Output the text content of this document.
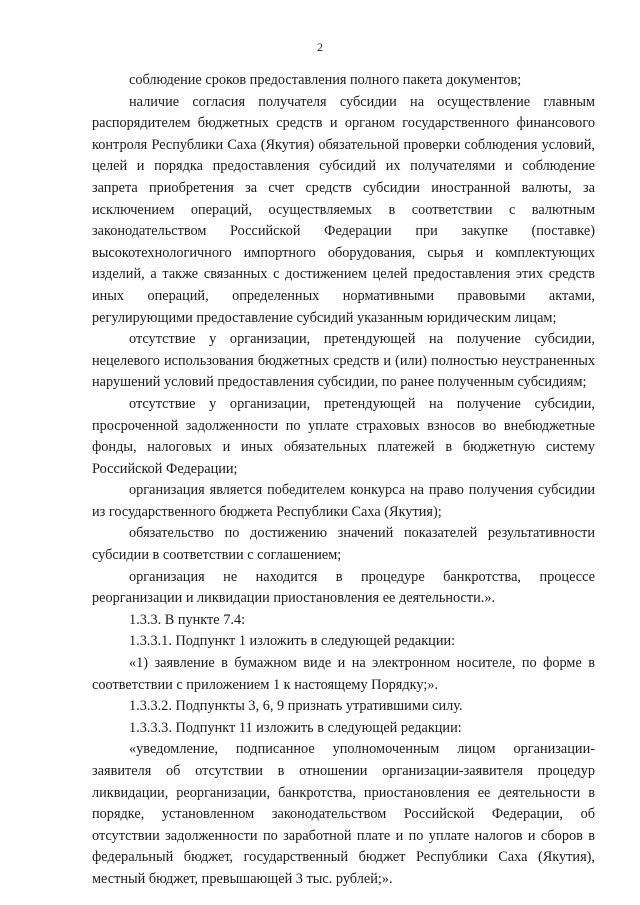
2

соблюдение сроков предоставления полного пакета документов;

наличие согласия получателя субсидии на осуществление главным распорядителем бюджетных средств и органом государственного финансового контроля Республики Саха (Якутия) обязательной проверки соблюдения условий, целей и порядка предоставления субсидий их получателями и соблюдение запрета приобретения за счет средств субсидии иностранной валюты, за исключением операций, осуществляемых в соответствии с валютным законодательством Российской Федерации при закупке (поставке) высокотехнологичного импортного оборудования, сырья и комплектующих изделий, а также связанных с достижением целей предоставления этих средств иных операций, определенных нормативными правовыми актами, регулирующими предоставление субсидий указанным юридическим лицам;

отсутствие у организации, претендующей на получение субсидии, нецелевого использования бюджетных средств и (или) полностью неустраненных нарушений условий предоставления субсидии, по ранее полученным субсидиям;

отсутствие у организации, претендующей на получение субсидии, просроченной задолженности по уплате страховых взносов во внебюджетные фонды, налоговых и иных обязательных платежей в бюджетную систему Российской Федерации;

организация является победителем конкурса на право получения субсидии из государственного бюджета Республики Саха (Якутия);

обязательство по достижению значений показателей результативности субсидии в соответствии с соглашением;

организация не находится в процедуре банкротства, процессе реорганизации и ликвидации приостановления ее деятельности.».

1.3.3. В пункте 7.4:

1.3.3.1. Подпункт 1 изложить в следующей редакции:

«1) заявление в бумажном виде и на электронном носителе, по форме в соответствии с приложением 1 к настоящему Порядку;».

1.3.3.2. Подпункты 3, 6, 9 признать утратившими силу.

1.3.3.3. Подпункт 11 изложить в следующей редакции:

«уведомление, подписанное уполномоченным лицом организации-заявителя об отсутствии в отношении организации-заявителя процедур ликвидации, реорганизации, банкротства, приостановления ее деятельности в порядке, установленном законодательством Российской Федерации, об отсутствии задолженности по заработной плате и по уплате налогов и сборов в федеральный бюджет, государственный бюджет Республики Саха (Якутия), местный бюджет, превышающей 3 тыс. рублей;».
